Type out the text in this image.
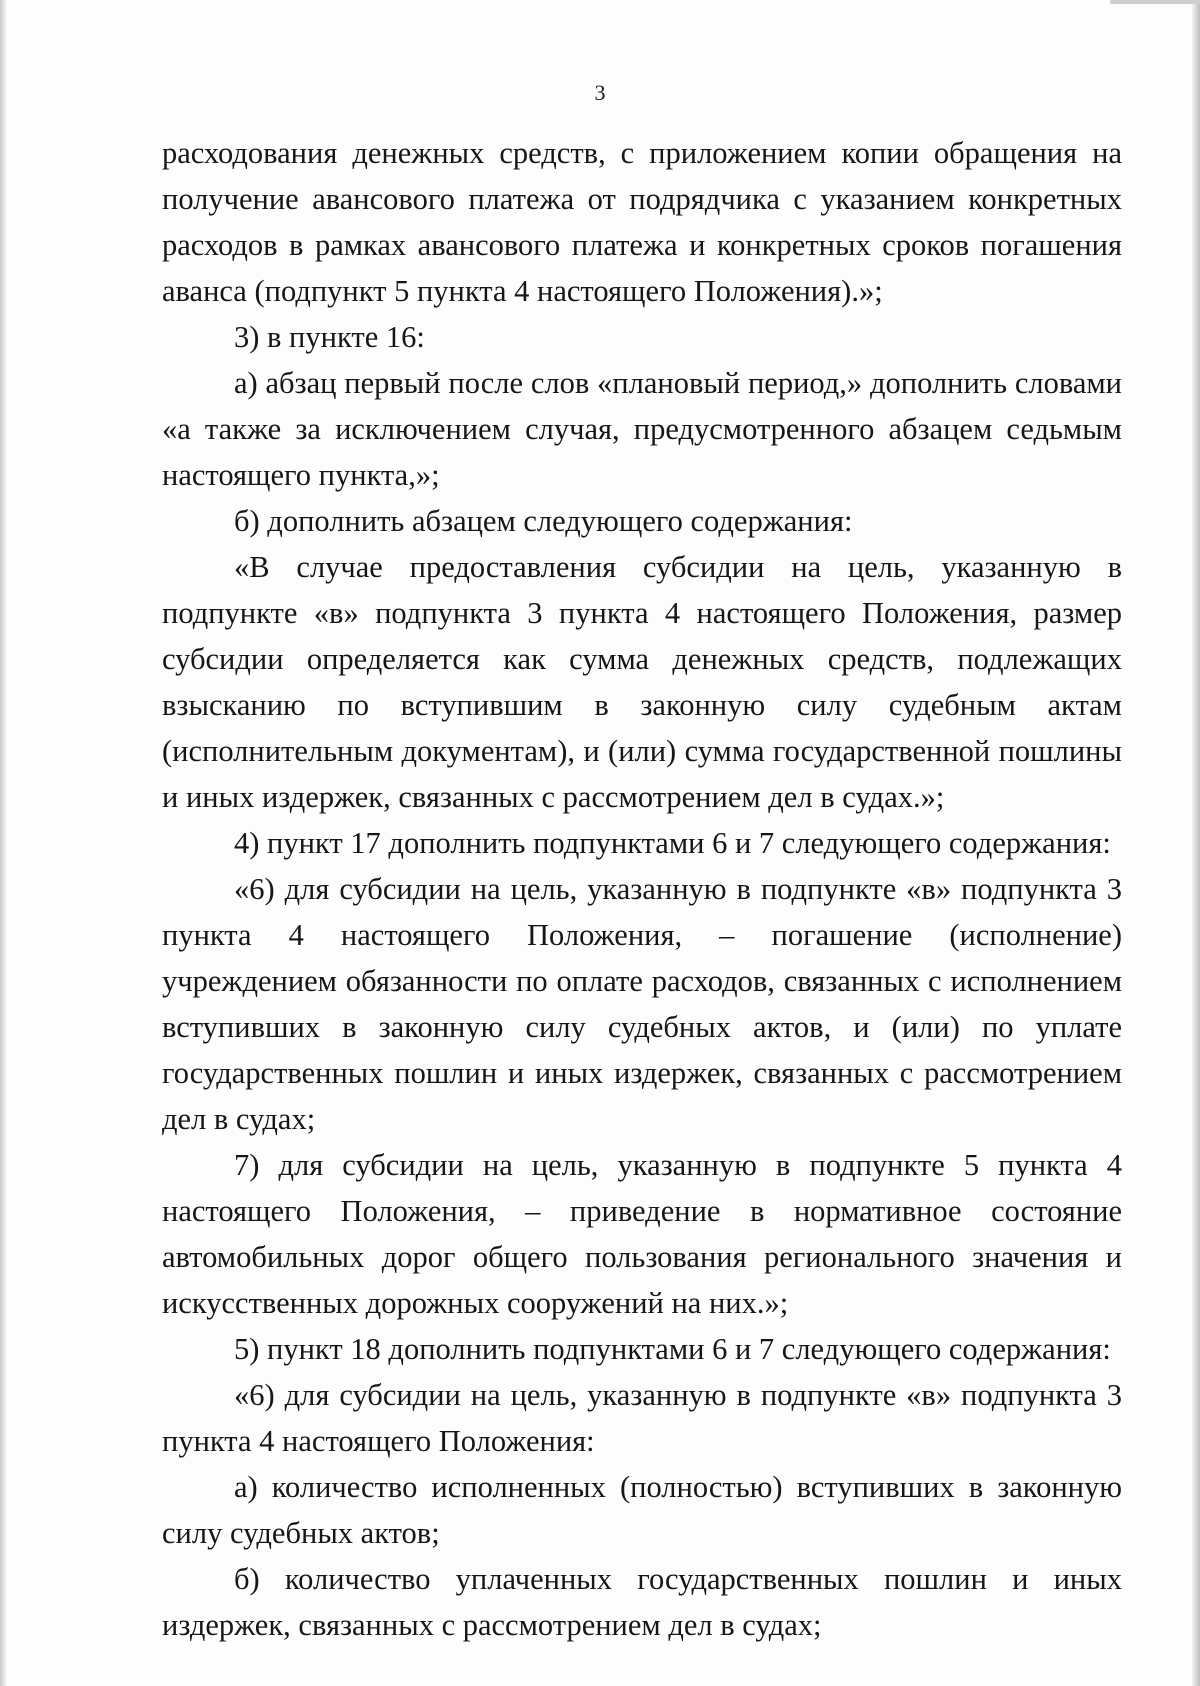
3

расходования денежных средств, с приложением копии обращения на получение авансового платежа от подрядчика с указанием конкретных расходов в рамках авансового платежа и конкретных сроков погашения аванса (подпункт 5 пункта 4 настоящего Положения).»;

3) в пункте 16:

а) абзац первый после слов «плановый период,» дополнить словами «а также за исключением случая, предусмотренного абзацем седьмым настоящего пункта,»;

б) дополнить абзацем следующего содержания:

«В случае предоставления субсидии на цель, указанную в подпункте «в» подпункта 3 пункта 4 настоящего Положения, размер субсидии определяется как сумма денежных средств, подлежащих взысканию по вступившим в законную силу судебным актам (исполнительным документам), и (или) сумма государственной пошлины и иных издержек, связанных с рассмотрением дел в судах.»;

4) пункт 17 дополнить подпунктами 6 и 7 следующего содержания:

«6) для субсидии на цель, указанную в подпункте «в» подпункта 3 пункта 4 настоящего Положения, – погашение (исполнение) учреждением обязанности по оплате расходов, связанных с исполнением вступивших в законную силу судебных актов, и (или) по уплате государственных пошлин и иных издержек, связанных с рассмотрением дел в судах;

7) для субсидии на цель, указанную в подпункте 5 пункта 4 настоящего Положения, – приведение в нормативное состояние автомобильных дорог общего пользования регионального значения и искусственных дорожных сооружений на них.»;

5) пункт 18 дополнить подпунктами 6 и 7 следующего содержания:

«6) для субсидии на цель, указанную в подпункте «в» подпункта 3 пункта 4 настоящего Положения:

а) количество исполненных (полностью) вступивших в законную силу судебных актов;

б) количество уплаченных государственных пошлин и иных издержек, связанных с рассмотрением дел в судах;
